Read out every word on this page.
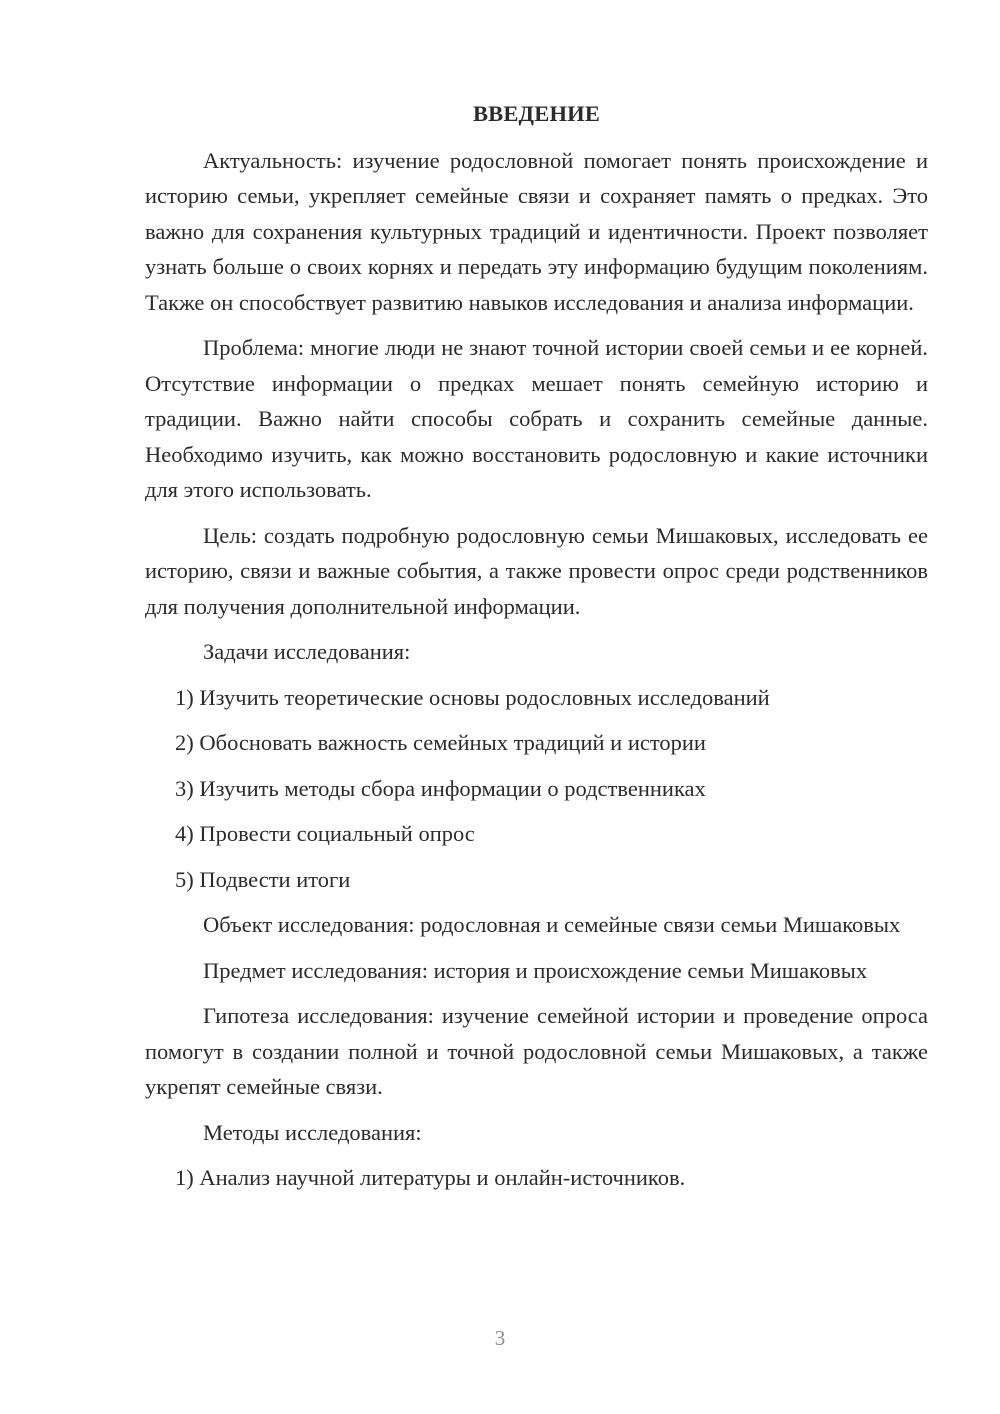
ВВЕДЕНИЕ

Актуальность: изучение родословной помогает понять происхождение и историю семьи, укрепляет семейные связи и сохраняет память о предках. Это важно для сохранения культурных традиций и идентичности. Проект позволяет узнать больше о своих корнях и передать эту информацию будущим поколениям. Также он способствует развитию навыков исследования и анализа информации.

Проблема: многие люди не знают точной истории своей семьи и ее корней. Отсутствие информации о предках мешает понять семейную историю и традиции. Важно найти способы собрать и сохранить семейные данные. Необходимо изучить, как можно восстановить родословную и какие источники для этого использовать.

Цель: создать подробную родословную семьи Мишаковых, исследовать ее историю, связи и важные события, а также провести опрос среди родственников для получения дополнительной информации.

Задачи исследования:

1) Изучить теоретические основы родословных исследований
2) Обосновать важность семейных традиций и истории
3) Изучить методы сбора информации о родственниках
4) Провести социальный опрос
5) Подвести итоги

Объект исследования: родословная и семейные связи семьи Мишаковых

Предмет исследования: история и происхождение семьи Мишаковых

Гипотеза исследования: изучение семейной истории и проведение опроса помогут в создании полной и точной родословной семьи Мишаковых, а также укрепят семейные связи.

Методы исследования:

1) Анализ научной литературы и онлайн-источников.
3
